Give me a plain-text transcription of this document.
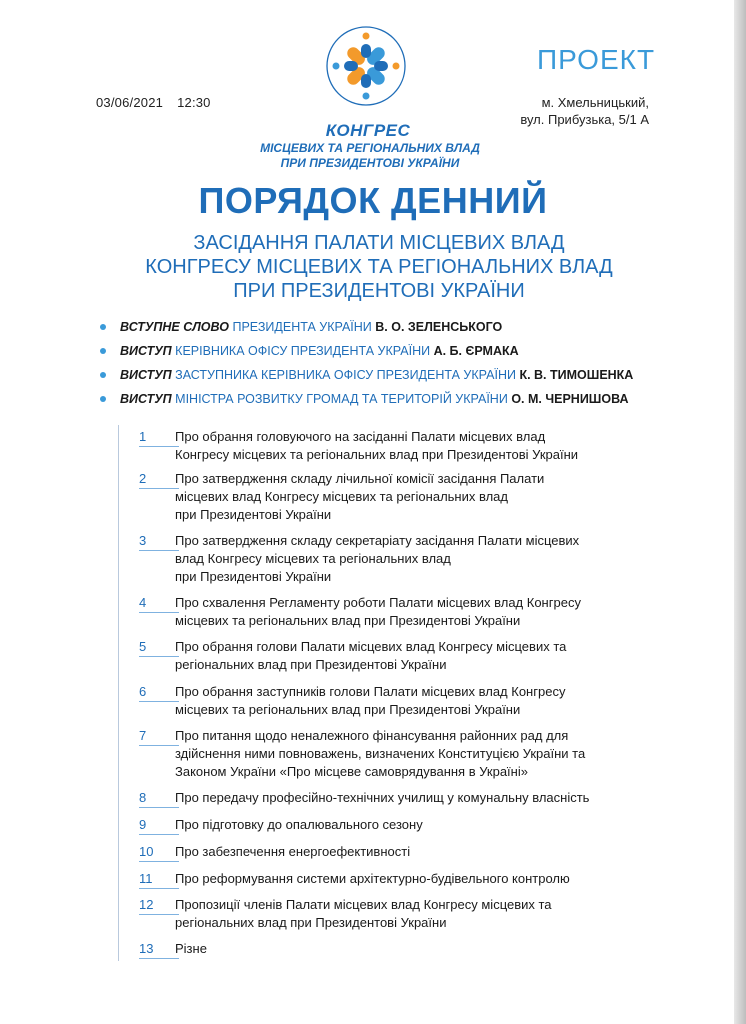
03/06/2021 12:30
ПРОЕКТ
м. Хмельницький,
вул. Прибузька, 5/1 А
КОНГРЕС
МІСЦЕВИХ ТА РЕГІОНАЛЬНИХ ВЛАД
ПРИ ПРЕЗИДЕНТОВІ УКРАЇНИ
ПОРЯДОК ДЕННИЙ
ЗАСІДАННЯ ПАЛАТИ МІСЦЕВИХ ВЛАД
КОНГРЕСУ МІСЦЕВИХ ТА РЕГІОНАЛЬНИХ ВЛАД
ПРИ ПРЕЗИДЕНТОВІ УКРАЇНИ
ВСТУПНЕ СЛОВО ПРЕЗИДЕНТА УКРАЇНИ В. О. ЗЕЛЕНСЬКОГО
ВИСТУП КЕРІВНИКА ОФІСУ ПРЕЗИДЕНТА УКРАЇНИ А. Б. ЄРМАКА
ВИСТУП ЗАСТУПНИКА КЕРІВНИКА ОФІСУ ПРЕЗИДЕНТА УКРАЇНИ К. В. ТИМОШЕНКА
ВИСТУП МІНІСТРА РОЗВИТКУ ГРОМАД ТА ТЕРИТОРІЙ УКРАЇНИ О. М. ЧЕРНИШОВА
1	Про обрання головуючого на засіданні Палати місцевих влад
Конгресу місцевих та регіональних влад при Президентові України
2	Про затвердження складу лічильної комісії засідання Палати
місцевих влад Конгресу місцевих та регіональних влад
при Президентові України
3	Про затвердження складу секретаріату засідання Палати місцевих
влад Конгресу місцевих та регіональних влад
при Президентові України
4	Про схвалення Регламенту роботи Палати місцевих влад Конгресу
місцевих та регіональних влад при Президентові України
5	Про обрання голови Палати місцевих влад Конгресу місцевих та
регіональних влад при Президентові України
6	Про обрання заступників голови Палати місцевих влад Конгресу
місцевих та регіональних влад при Президентові України
7	Про питання щодо неналежного фінансування районних рад для
здійснення ними повноважень, визначених Конституцією України та
Законом України «Про місцеве самоврядування в Україні»
8	Про передачу професійно-технічних училищ у комунальну власність
9	Про підготовку до опалювального сезону
10	Про забезпечення енергоефективності
11	Про реформування системи архітектурно-будівельного контролю
12	Пропозиції членів Палати місцевих влад Конгресу місцевих та
регіональних влад при Президентові України
13	Різне
